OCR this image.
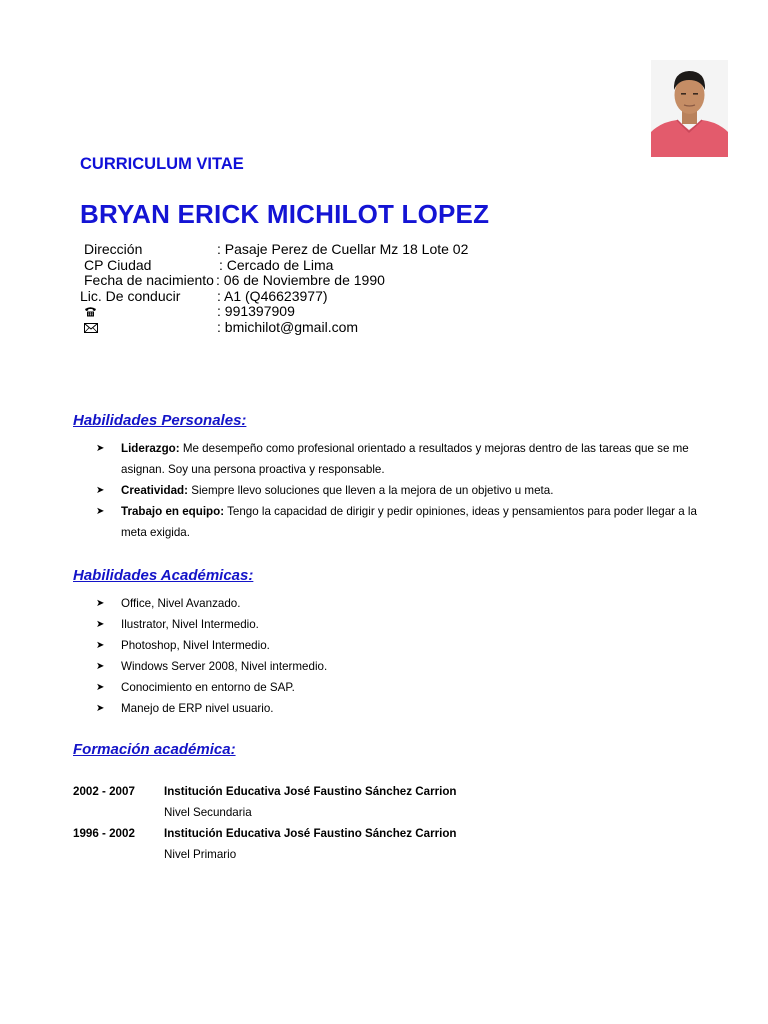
CURRICULUM VITAE
BRYAN ERICK MICHILOT LOPEZ
Dirección	: Pasaje Perez de Cuellar Mz 18 Lote 02
CP Ciudad	: Cercado de Lima
Fecha de nacimiento : 06 de Noviembre de 1990
Lic. De conducir	: A1 (Q46623977)
: 991397909
: bmichilot@gmail.com
Habilidades Personales:
➤ Liderazgo: Me desempeño como profesional orientado a resultados y mejoras dentro de las tareas que se me asignan. Soy una persona proactiva y responsable.
➤ Creatividad: Siempre llevo soluciones que lleven a la mejora de un objetivo u meta.
➤ Trabajo en equipo: Tengo la capacidad de dirigir y pedir opiniones, ideas y pensamientos para poder llegar a la meta exigida.
Habilidades Académicas:
➤ Office, Nivel Avanzado.
➤ Ilustrator, Nivel Intermedio.
➤ Photoshop, Nivel Intermedio.
➤ Windows Server 2008, Nivel intermedio.
➤ Conocimiento en entorno de SAP.
➤ Manejo de ERP nivel usuario.
Formación académica:
2002 - 2007	Institución Educativa José Faustino Sánchez Carrion
Nivel Secundaria
1996 - 2002	Institución Educativa José Faustino Sánchez Carrion
Nivel Primario
